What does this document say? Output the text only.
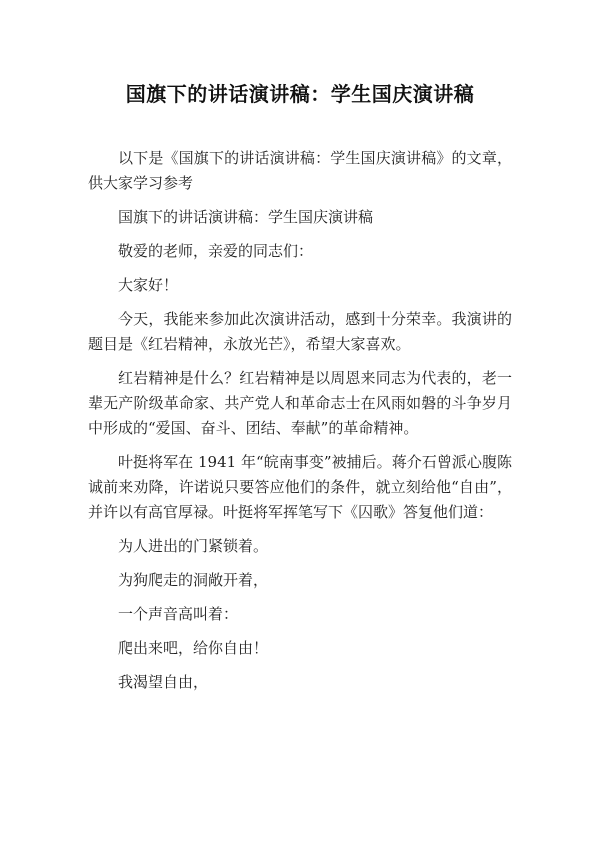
国旗下的讲话演讲稿：学生国庆演讲稿

以下是《国旗下的讲话演讲稿：学生国庆演讲稿》的文章，供大家学习参考

国旗下的讲话演讲稿：学生国庆演讲稿

敬爱的老师，亲爱的同志们：

大家好！

今天，我能来参加此次演讲活动，感到十分荣幸。我演讲的题目是《红岩精神，永放光芒》，希望大家喜欢。

红岩精神是什么？红岩精神是以周恩来同志为代表的，老一辈无产阶级革命家、共产党人和革命志士在风雨如磐的斗争岁月中形成的“爱国、奋斗、团结、奉献”的革命精神。

叶挺将军在 1941 年“皖南事变”被捕后。蒋介石曾派心腹陈诚前来劝降，许诺说只要答应他们的条件，就立刻给他“自由”，并许以有高官厚禄。叶挺将军挥笔写下《囚歌》答复他们道：

为人进出的门紧锁着。

为狗爬走的洞敞开着，

一个声音高叫着：

爬出来吧，给你自由！

我渴望自由，
